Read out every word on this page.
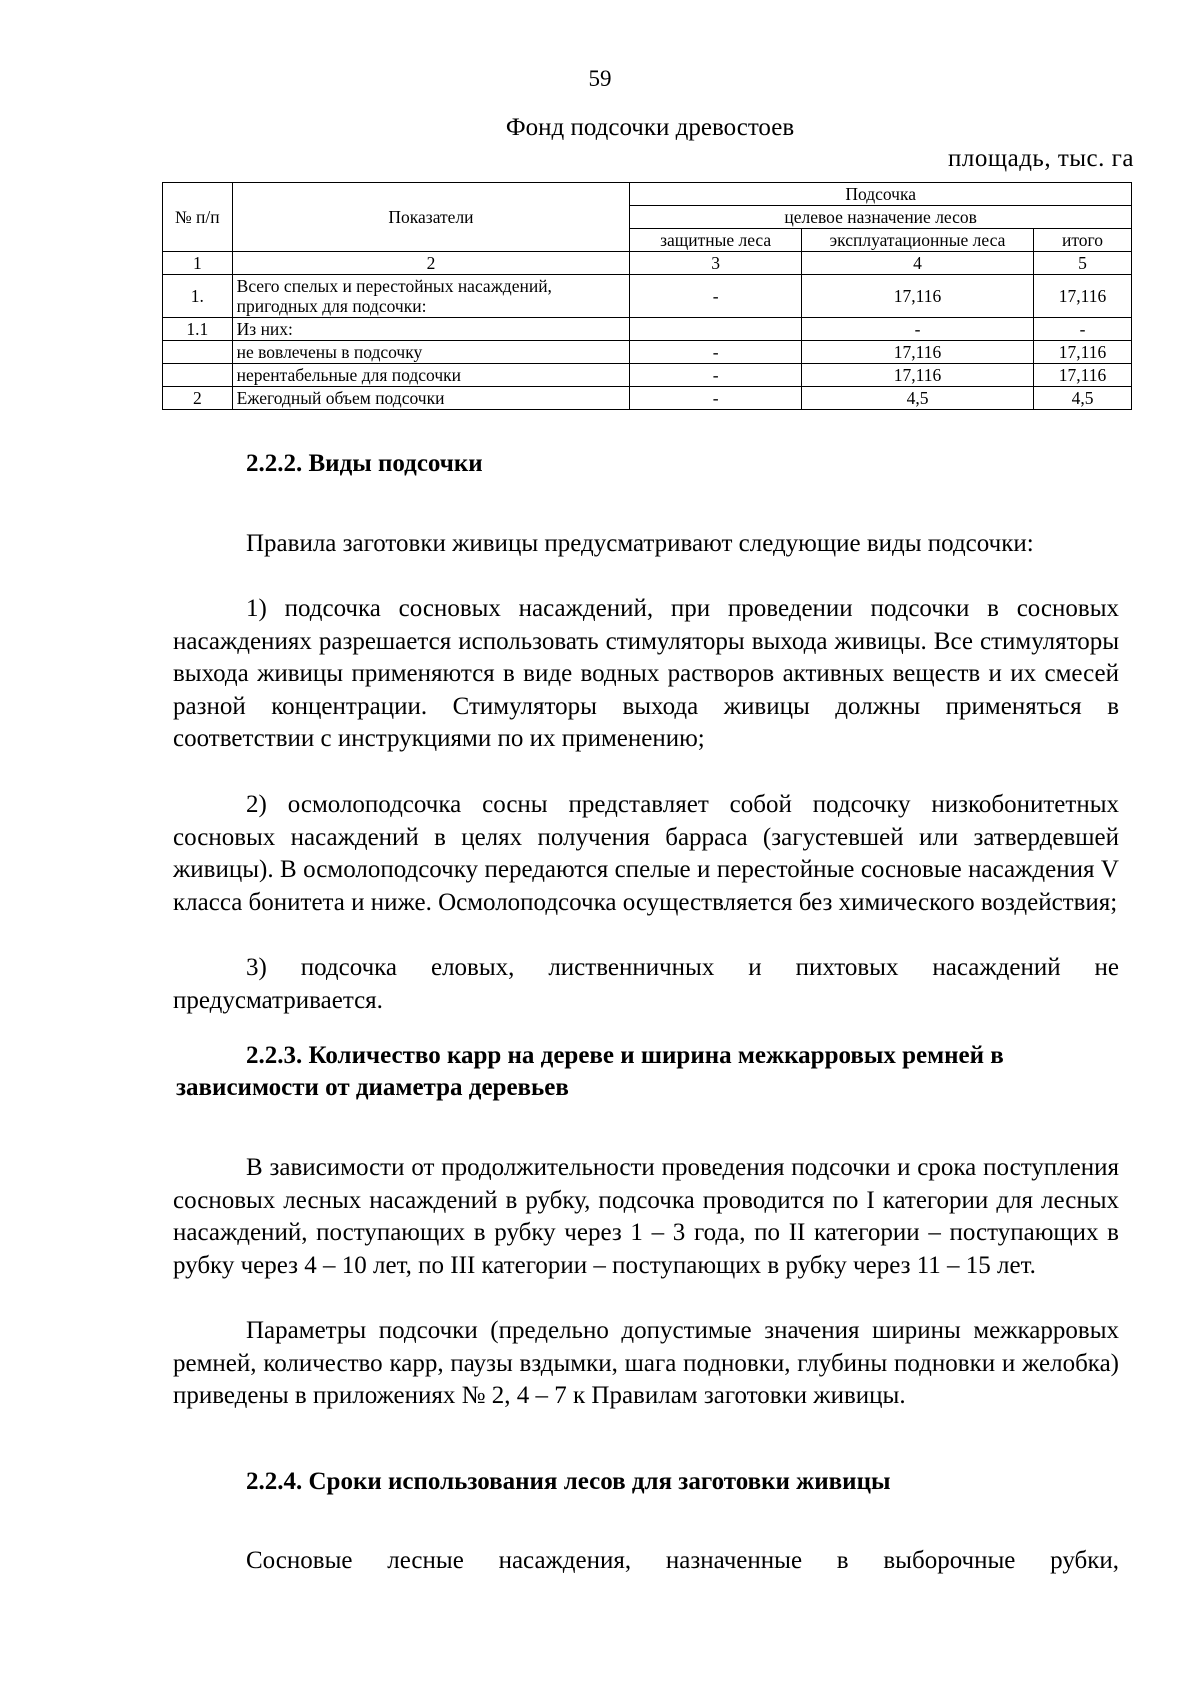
59
Фонд подсочки древостоев
площадь, тыс. га
№ п/п	Показатели	Подсочка		
		целевое назначение лесов		
		защитные леса	эксплуатационные леса	итого
1	2	3	4	5
1.	Всего спелых и перестойных насаждений, пригодных для подсочки:	-	17,116	17,116
1.1	Из них:		-	-
	не вовлечены в подсочку	-	17,116	17,116
	нерентабельные для подсочки	-	17,116	17,116
2	Ежегодный объем подсочки	-	4,5	4,5
2.2.2. Виды подсочки

Правила заготовки живицы предусматривают следующие виды подсочки:

1) подсочка сосновых насаждений, при проведении подсочки в сосновых насаждениях разрешается использовать стимуляторы выхода живицы. Все стимуляторы выхода живицы применяются в виде водных растворов активных веществ и их смесей разной концентрации. Стимуляторы выхода живицы должны применяться в соответствии с инструкциями по их применению;

2) осмолоподсочка сосны представляет собой подсочку низкобонитетных сосновых насаждений в целях получения барраса (загустевшей или затвердевшей живицы). В осмолоподсочку передаются спелые и перестойные сосновые насаждения V класса бонитета и ниже. Осмолоподсочка осуществляется без химического воздействия;

3) подсочка еловых, лиственничных и пихтовых насаждений не предусматривается.

2.2.3. Количество карр на дереве и ширина межкарровых ремней в
зависимости от диаметра деревьев

В зависимости от продолжительности проведения подсочки и срока поступления сосновых лесных насаждений в рубку, подсочка проводится по I категории для лесных насаждений, поступающих в рубку через 1 – 3 года, по II категории – поступающих в рубку через 4 – 10 лет, по III категории – поступающих в рубку через 11 – 15 лет.

Параметры подсочки (предельно допустимые значения ширины межкарровых ремней, количество карр, паузы вздымки, шага подновки, глубины подновки и желобка) приведены в приложениях № 2, 4 – 7 к Правилам заготовки живицы.

2.2.4. Сроки использования лесов для заготовки живицы

Сосновые лесные насаждения, назначенные в выборочные рубки,
